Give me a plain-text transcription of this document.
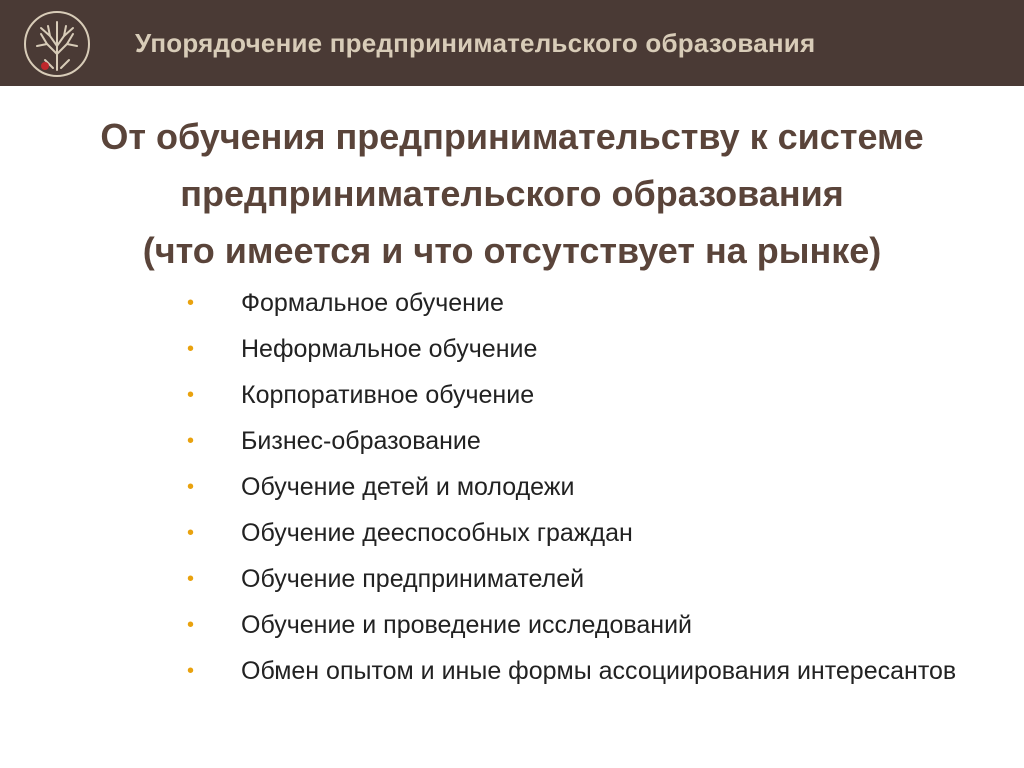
Упорядочение предпринимательского образования
От обучения предпринимательству к системе
предпринимательского образования
(что имеется и что отсутствует на рынке)
• Формальное обучение
• Неформальное обучение
• Корпоративное обучение
• Бизнес-образование
• Обучение детей и молодежи
• Обучение дееспособных граждан
• Обучение предпринимателей
• Обучение и проведение исследований
• Обмен опытом и иные формы ассоциирования интересантов
